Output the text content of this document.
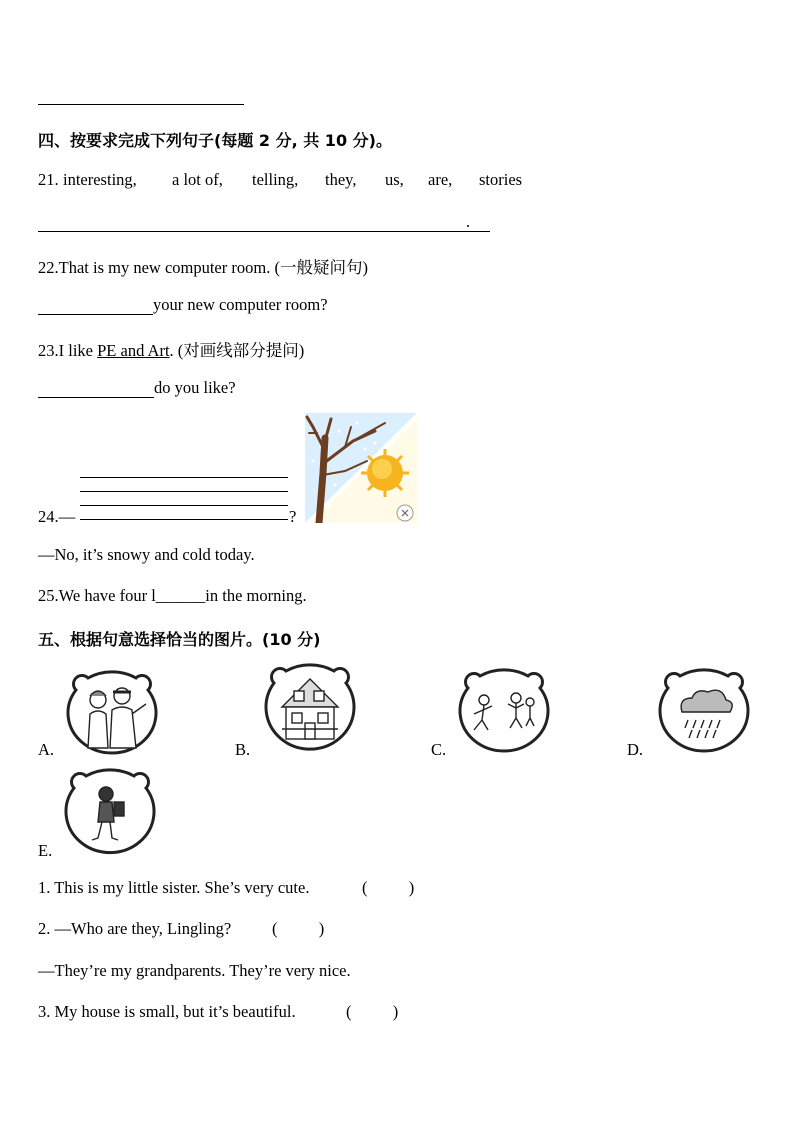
四、按要求完成下列句子(每题 2 分, 共 10 分)。
21. interesting, a lot of, telling, they, us, are, stories
.
22.That is my new computer room. (一般疑问句)
your new computer room?
23.I like PE and Art. (对画线部分提问)
do you like?
24.—	?
—No, it’s snowy and cold today.
25.We have four l______in the morning.
五、根据句意选择恰当的图片。(10 分)
A.	B.	C.	D.
E.
1. This is my little sister. She’s very cute.	(          )
2. —Who are they, Lingling? (          )
—They’re my grandparents. They’re very nice.
3. My house is small, but it’s beautiful.	(          )
